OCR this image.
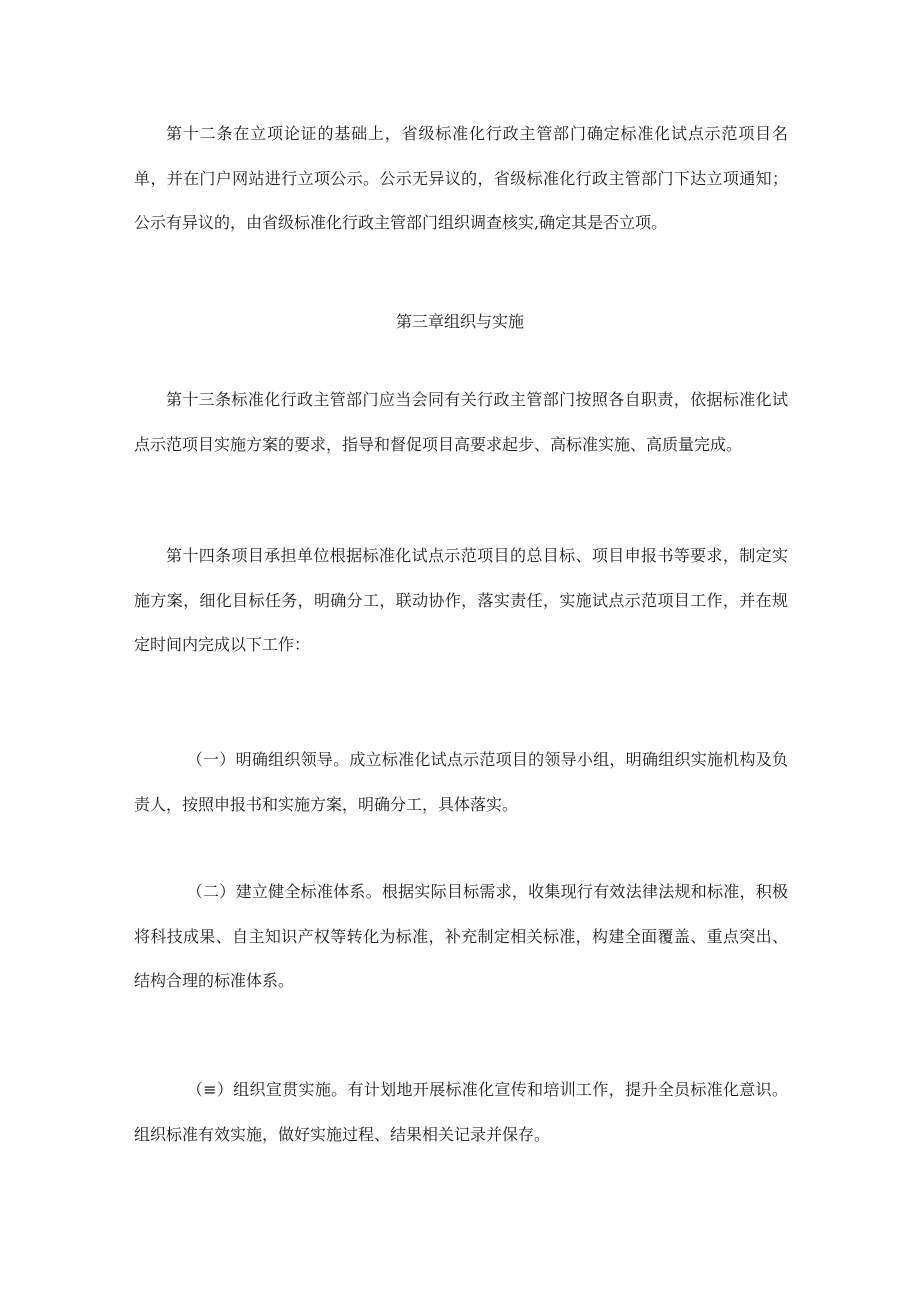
第十二条在立项论证的基础上，省级标准化行政主管部门确定标准化试点示范项目名单，并在门户网站进行立项公示。公示无异议的，省级标准化行政主管部门下达立项通知；公示有异议的，由省级标准化行政主管部门组织调查核实,确定其是否立项。

第三章组织与实施

第十三条标准化行政主管部门应当会同有关行政主管部门按照各自职责，依据标准化试点示范项目实施方案的要求，指导和督促项目高要求起步、高标准实施、高质量完成。

第十四条项目承担单位根据标准化试点示范项目的总目标、项目申报书等要求，制定实施方案，细化目标任务，明确分工，联动协作，落实责任，实施试点示范项目工作，并在规定时间内完成以下工作：

（一）明确组织领导。成立标准化试点示范项目的领导小组，明确组织实施机构及负责人，按照申报书和实施方案，明确分工，具体落实。

（二）建立健全标准体系。根据实际目标需求，收集现行有效法律法规和标准，积极将科技成果、自主知识产权等转化为标准，补充制定相关标准，构建全面覆盖、重点突出、结构合理的标准体系。

（≡）组织宣贯实施。有计划地开展标准化宣传和培训工作，提升全员标准化意识。组织标准有效实施，做好实施过程、结果相关记录并保存。
